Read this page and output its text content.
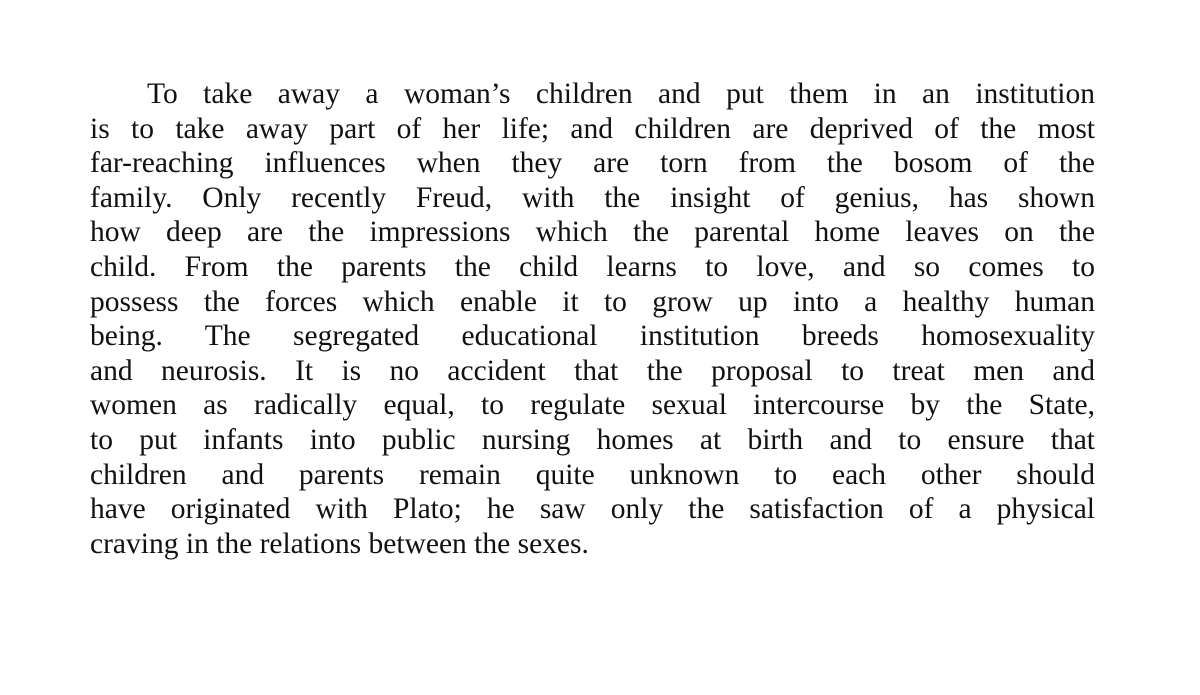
To take away a woman’s children and put them in an institution
is to take away part of her life; and children are deprived of the most
far-reaching influences when they are torn from the bosom of the
family. Only recently Freud, with the insight of genius, has shown
how deep are the impressions which the parental home leaves on the
child. From the parents the child learns to love, and so comes to
possess the forces which enable it to grow up into a healthy human
being. The segregated educational institution breeds homosexuality
and neurosis. It is no accident that the proposal to treat men and
women as radically equal, to regulate sexual intercourse by the State,
to put infants into public nursing homes at birth and to ensure that
children and parents remain quite unknown to each other should
have originated with Plato; he saw only the satisfaction of a physical
craving in the relations between the sexes.
